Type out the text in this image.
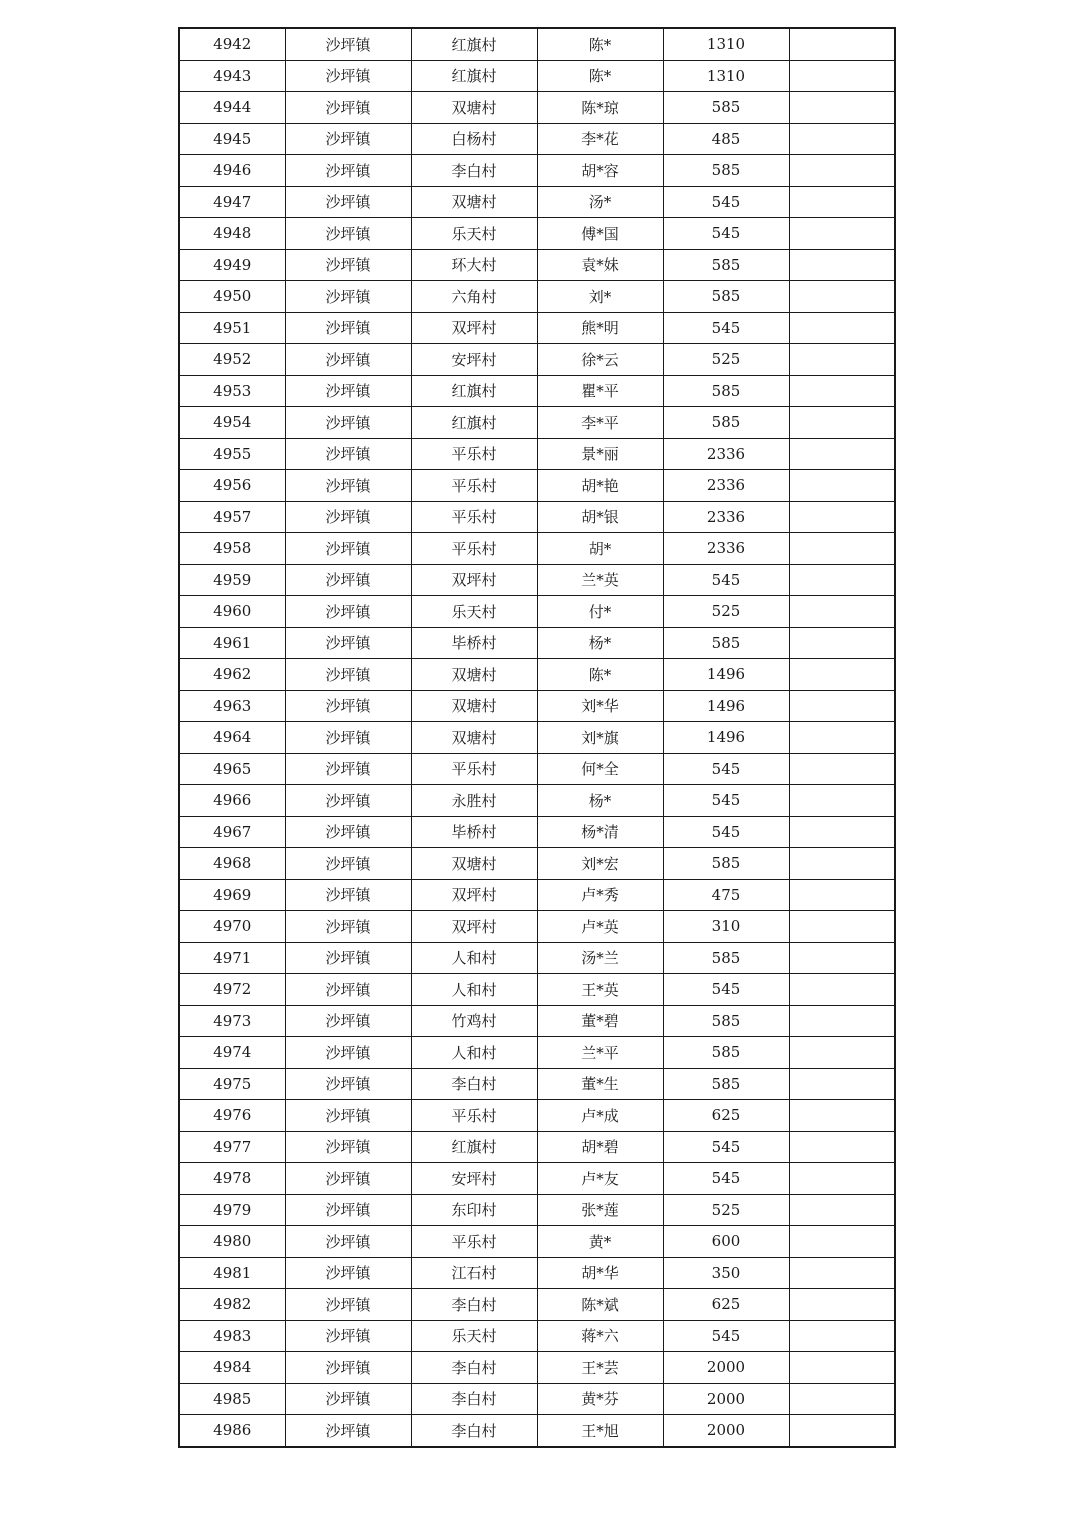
4942	沙坪镇	红旗村	陈*	1310	
4943	沙坪镇	红旗村	陈*	1310	
4944	沙坪镇	双塘村	陈*琼	585	
4945	沙坪镇	白杨村	李*花	485	
4946	沙坪镇	李白村	胡*容	585	
4947	沙坪镇	双塘村	汤*	545	
4948	沙坪镇	乐天村	傅*国	545	
4949	沙坪镇	环大村	袁*妹	585	
4950	沙坪镇	六角村	刘*	585	
4951	沙坪镇	双坪村	熊*明	545	
4952	沙坪镇	安坪村	徐*云	525	
4953	沙坪镇	红旗村	瞿*平	585	
4954	沙坪镇	红旗村	李*平	585	
4955	沙坪镇	平乐村	景*丽	2336	
4956	沙坪镇	平乐村	胡*艳	2336	
4957	沙坪镇	平乐村	胡*银	2336	
4958	沙坪镇	平乐村	胡*	2336	
4959	沙坪镇	双坪村	兰*英	545	
4960	沙坪镇	乐天村	付*	525	
4961	沙坪镇	毕桥村	杨*	585	
4962	沙坪镇	双塘村	陈*	1496	
4963	沙坪镇	双塘村	刘*华	1496	
4964	沙坪镇	双塘村	刘*旗	1496	
4965	沙坪镇	平乐村	何*全	545	
4966	沙坪镇	永胜村	杨*	545	
4967	沙坪镇	毕桥村	杨*清	545	
4968	沙坪镇	双塘村	刘*宏	585	
4969	沙坪镇	双坪村	卢*秀	475	
4970	沙坪镇	双坪村	卢*英	310	
4971	沙坪镇	人和村	汤*兰	585	
4972	沙坪镇	人和村	王*英	545	
4973	沙坪镇	竹鸡村	董*碧	585	
4974	沙坪镇	人和村	兰*平	585	
4975	沙坪镇	李白村	董*生	585	
4976	沙坪镇	平乐村	卢*成	625	
4977	沙坪镇	红旗村	胡*碧	545	
4978	沙坪镇	安坪村	卢*友	545	
4979	沙坪镇	东印村	张*莲	525	
4980	沙坪镇	平乐村	黄*	600	
4981	沙坪镇	江石村	胡*华	350	
4982	沙坪镇	李白村	陈*斌	625	
4983	沙坪镇	乐天村	蒋*六	545	
4984	沙坪镇	李白村	王*芸	2000	
4985	沙坪镇	李白村	黄*芬	2000	
4986	沙坪镇	李白村	王*旭	2000	
